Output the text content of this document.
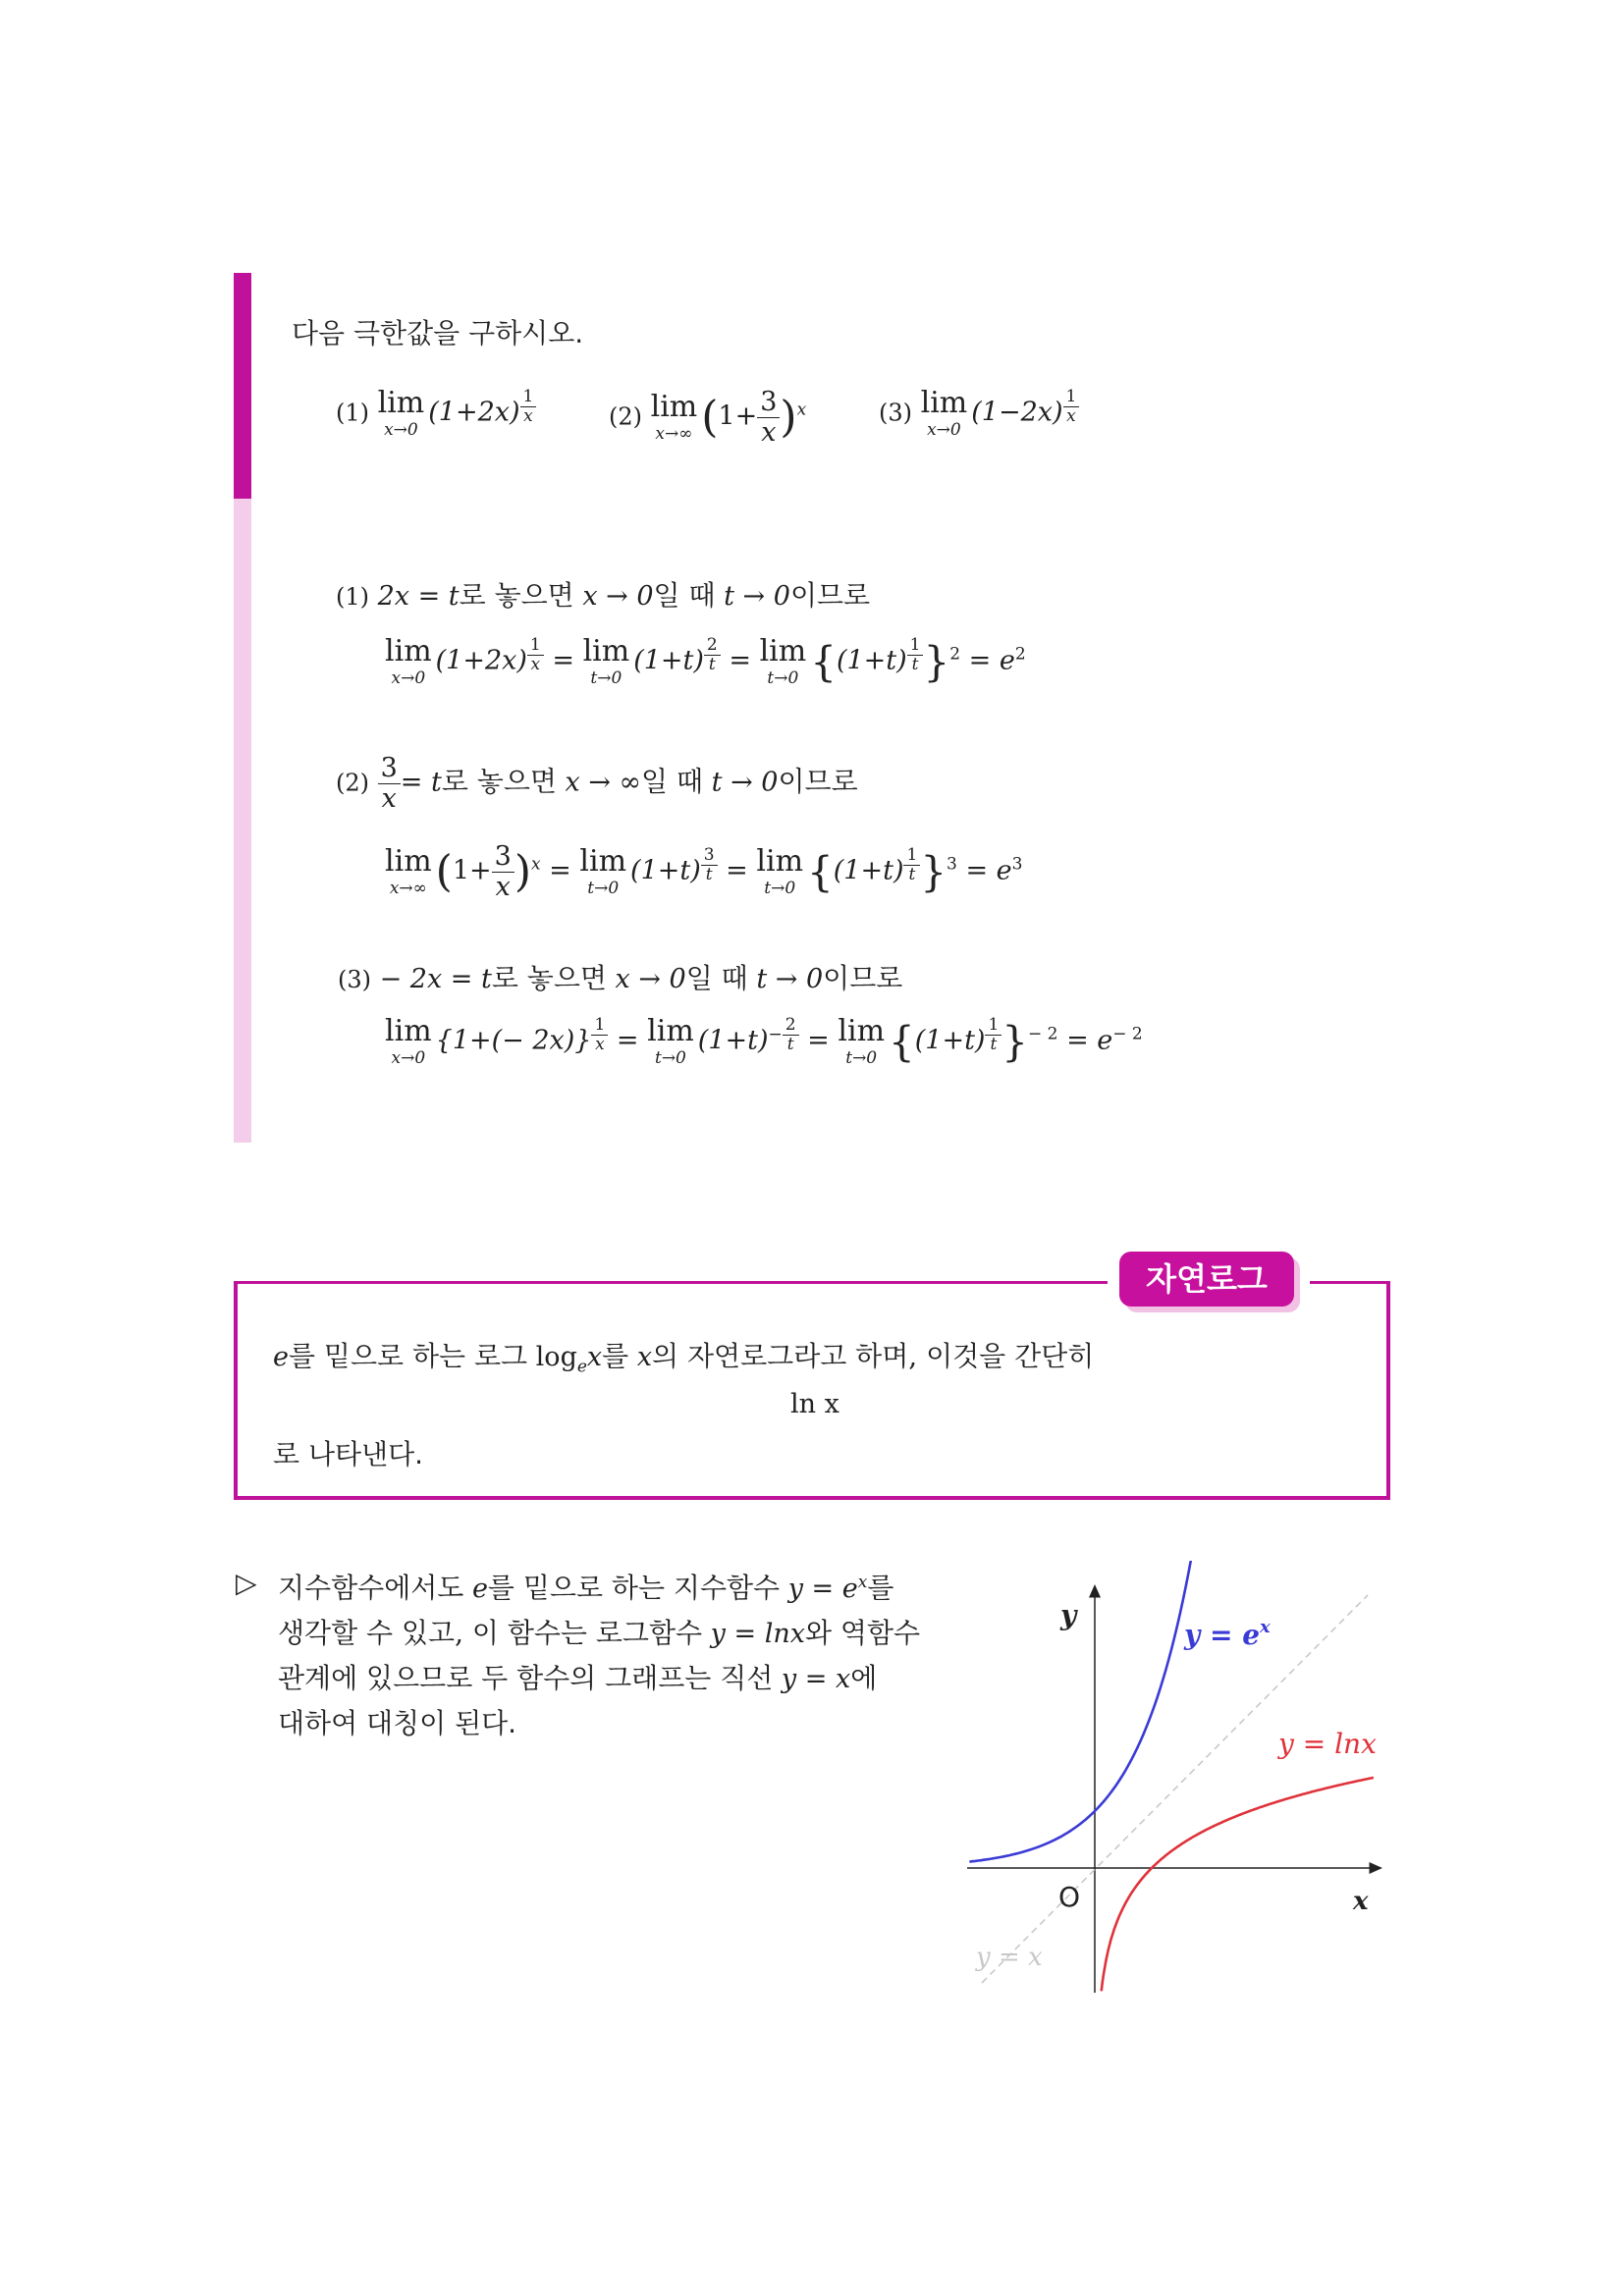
다음 극한값을 구하시오.
(1) lim
x→0
(1+2x) $^{\frac{1}{x}}$	(2) lim
x→∞ $(1+ \frac{3}{x} )^x$	(3) lim
x→0
(1−2x) $^{\frac{1}{x}}$
(1) 2x = t로 놓으면 x → 0일 때 t → 0이므로
lim
x→0
(1+2x) $^{\frac{1}{x}}$ = lim
t→0
(1+t) $^{\frac{2}{t}}$ = lim
t→0 {(1+t) $^{\frac{1}{t}}$ }$^2 = e^2$
$(2) \frac{3}{x} = t$로 놓으면 x → ∞일 때 t → 0이므로
lim
x→∞ $(1+ \frac{3}{x} )^x = \lim$
t→0
(1+t) $^{\frac{3}{t}}$ = lim
t→0 {(1+t) $^{\frac{1}{t}}$ }$^3 = e^3$
(3) − 2x = t로 놓으면 x → 0일 때 t → 0이므로
lim
x→0
{1+(− 2x)} $^{\frac{1}{x}}$ = lim
t→0
$(1+t)^{- \frac{2}{t}} = \lim$
t→0 {(1+t) $^{\frac{1}{t}}$ }$^{- 2} = e^{- 2}$
자연로그
e를 밑으로 하는 로그 $\log_ex$를 x의 자연로그라고 하며, 이것을 간단히
ln x
로 나타낸다.
▷ 지수함수에서도 e를 밑으로 하는 지수함수 $y = e^x$를
생각할 수 있고, 이 함수는 로그함수 y = lnx와 역함수
관계에 있으므로 두 함수의 그래프는 직선 y = x에
대하여 대칭이 된다.
y
x
O
$y = e^x$
y = lnx
y = x
